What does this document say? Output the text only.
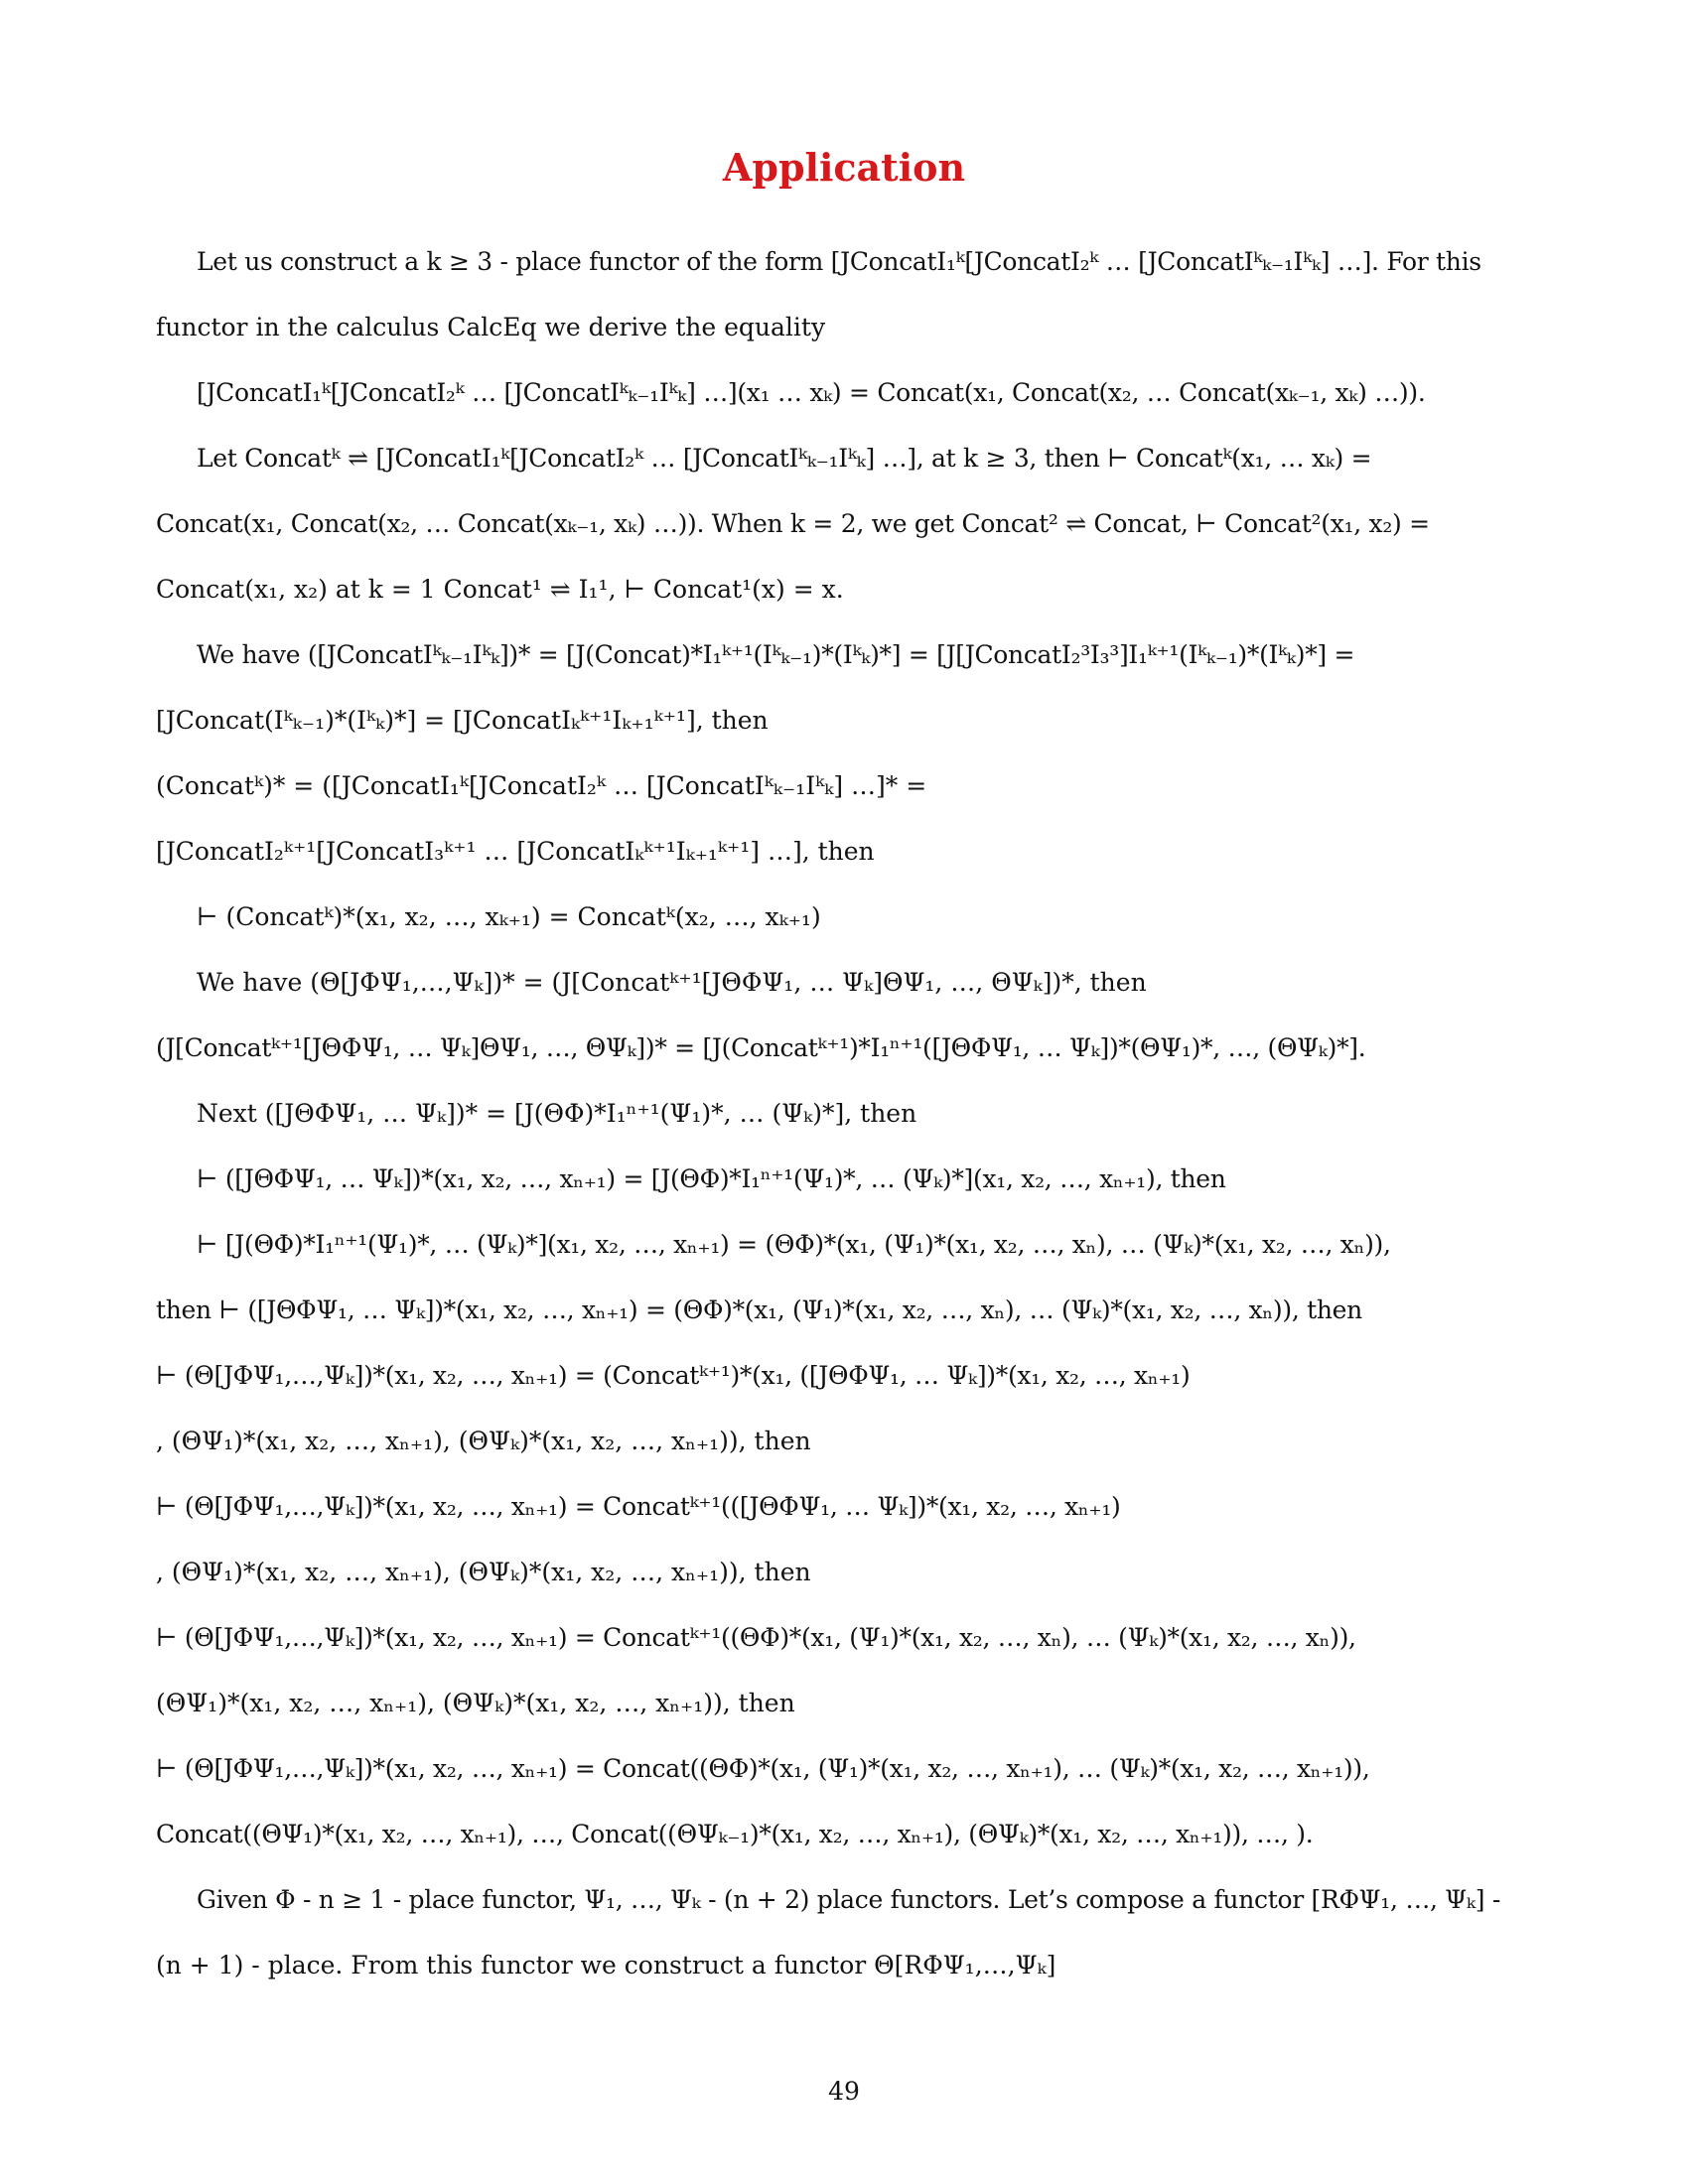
Application
Let us construct a k ≥ 3 - place functor of the form [JConcatI₁ᵏ[JConcatI₂ᵏ … [JConcatIᵏₖ₋₁Iᵏₖ] …]. For this
functor in the calculus CalcEq we derive the equality
[JConcatI₁ᵏ[JConcatI₂ᵏ … [JConcatIᵏₖ₋₁Iᵏₖ] …](x₁ … xₖ) = Concat(x₁, Concat(x₂, … Concat(xₖ₋₁, xₖ) …)).
Let Concatᵏ ⇌ [JConcatI₁ᵏ[JConcatI₂ᵏ … [JConcatIᵏₖ₋₁Iᵏₖ] …], at k ≥ 3, then ⊢ Concatᵏ(x₁, … xₖ) =
Concat(x₁, Concat(x₂, … Concat(xₖ₋₁, xₖ) …)). When k = 2, we get Concat² ⇌ Concat, ⊢ Concat²(x₁, x₂) =
Concat(x₁, x₂) at k = 1 Concat¹ ⇌ I₁¹, ⊢ Concat¹(x) = x.
We have ([JConcatIᵏₖ₋₁Iᵏₖ])* = [J(Concat)*I₁ᵏ⁺¹(Iᵏₖ₋₁)*(Iᵏₖ)*] = [J[JConcatI₂³I₃³]I₁ᵏ⁺¹(Iᵏₖ₋₁)*(Iᵏₖ)*] =
[JConcat(Iᵏₖ₋₁)*(Iᵏₖ)*] = [JConcatIₖᵏ⁺¹Iₖ₊₁ᵏ⁺¹], then
(Concatᵏ)* = ([JConcatI₁ᵏ[JConcatI₂ᵏ … [JConcatIᵏₖ₋₁Iᵏₖ] …]* =
[JConcatI₂ᵏ⁺¹[JConcatI₃ᵏ⁺¹ … [JConcatIₖᵏ⁺¹Iₖ₊₁ᵏ⁺¹] …], then
⊢ (Concatᵏ)*(x₁, x₂, …, xₖ₊₁) = Concatᵏ(x₂, …, xₖ₊₁)
We have (Θ[JΦΨ₁,…,Ψₖ])* = (J[Concatᵏ⁺¹[JΘΦΨ₁, … Ψₖ]ΘΨ₁, …, ΘΨₖ])*, then
(J[Concatᵏ⁺¹[JΘΦΨ₁, … Ψₖ]ΘΨ₁, …, ΘΨₖ])* = [J(Concatᵏ⁺¹)*I₁ⁿ⁺¹([JΘΦΨ₁, … Ψₖ])*(ΘΨ₁)*, …, (ΘΨₖ)*].
Next ([JΘΦΨ₁, … Ψₖ])* = [J(ΘΦ)*I₁ⁿ⁺¹(Ψ₁)*, … (Ψₖ)*], then
⊢ ([JΘΦΨ₁, … Ψₖ])*(x₁, x₂, …, xₙ₊₁) = [J(ΘΦ)*I₁ⁿ⁺¹(Ψ₁)*, … (Ψₖ)*](x₁, x₂, …, xₙ₊₁), then
⊢ [J(ΘΦ)*I₁ⁿ⁺¹(Ψ₁)*, … (Ψₖ)*](x₁, x₂, …, xₙ₊₁) = (ΘΦ)*(x₁, (Ψ₁)*(x₁, x₂, …, xₙ), … (Ψₖ)*(x₁, x₂, …, xₙ)),
then ⊢ ([JΘΦΨ₁, … Ψₖ])*(x₁, x₂, …, xₙ₊₁) = (ΘΦ)*(x₁, (Ψ₁)*(x₁, x₂, …, xₙ), … (Ψₖ)*(x₁, x₂, …, xₙ)), then
⊢ (Θ[JΦΨ₁,…,Ψₖ])*(x₁, x₂, …, xₙ₊₁) = (Concatᵏ⁺¹)*(x₁, ([JΘΦΨ₁, … Ψₖ])*(x₁, x₂, …, xₙ₊₁)
, (ΘΨ₁)*(x₁, x₂, …, xₙ₊₁), (ΘΨₖ)*(x₁, x₂, …, xₙ₊₁)), then
⊢ (Θ[JΦΨ₁,…,Ψₖ])*(x₁, x₂, …, xₙ₊₁) = Concatᵏ⁺¹(([JΘΦΨ₁, … Ψₖ])*(x₁, x₂, …, xₙ₊₁)
, (ΘΨ₁)*(x₁, x₂, …, xₙ₊₁), (ΘΨₖ)*(x₁, x₂, …, xₙ₊₁)), then
⊢ (Θ[JΦΨ₁,…,Ψₖ])*(x₁, x₂, …, xₙ₊₁) = Concatᵏ⁺¹((ΘΦ)*(x₁, (Ψ₁)*(x₁, x₂, …, xₙ), … (Ψₖ)*(x₁, x₂, …, xₙ)),
(ΘΨ₁)*(x₁, x₂, …, xₙ₊₁), (ΘΨₖ)*(x₁, x₂, …, xₙ₊₁)), then
⊢ (Θ[JΦΨ₁,…,Ψₖ])*(x₁, x₂, …, xₙ₊₁) = Concat((ΘΦ)*(x₁, (Ψ₁)*(x₁, x₂, …, xₙ₊₁), … (Ψₖ)*(x₁, x₂, …, xₙ₊₁)),
Concat((ΘΨ₁)*(x₁, x₂, …, xₙ₊₁), …, Concat((ΘΨₖ₋₁)*(x₁, x₂, …, xₙ₊₁), (ΘΨₖ)*(x₁, x₂, …, xₙ₊₁)), …, ).
Given Φ - n ≥ 1 - place functor, Ψ₁, …, Ψₖ - (n + 2) place functors. Let’s compose a functor [RΦΨ₁, …, Ψₖ] -
(n + 1) - place. From this functor we construct a functor Θ[RΦΨ₁,…,Ψₖ]
49
